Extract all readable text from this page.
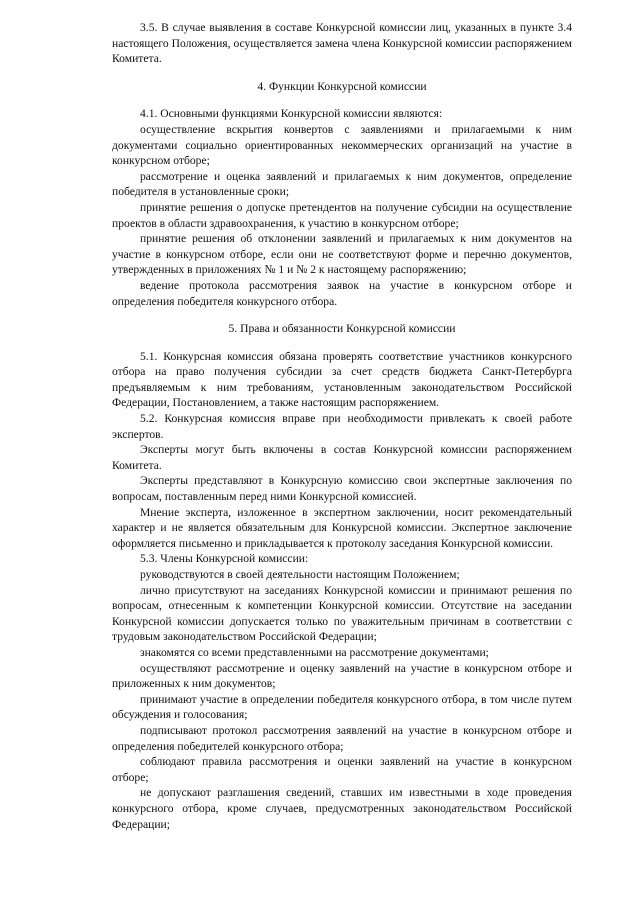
3.5. В случае выявления в составе Конкурсной комиссии лиц, указанных в пункте 3.4 настоящего Положения, осуществляется замена члена Конкурсной комиссии распоряжением Комитета.

4. Функции Конкурсной комиссии

4.1. Основными функциями Конкурсной комиссии являются:

осуществление вскрытия конвертов с заявлениями и прилагаемыми к ним документами социально ориентированных некоммерческих организаций на участие в конкурсном отборе;

рассмотрение и оценка заявлений и прилагаемых к ним документов, определение победителя в установленные сроки;

принятие решения о допуске претендентов на получение субсидии на осуществление проектов в области здравоохранения, к участию в конкурсном отборе;

принятие решения об отклонении заявлений и прилагаемых к ним документов на участие в конкурсном отборе, если они не соответствуют форме и перечню документов, утвержденных в приложениях № 1 и № 2 к настоящему распоряжению;

ведение протокола рассмотрения заявок на участие в конкурсном отборе и определения победителя конкурсного отбора.

5. Права и обязанности Конкурсной комиссии

5.1. Конкурсная комиссия обязана проверять соответствие участников конкурсного отбора на право получения субсидии за счет средств бюджета Санкт-Петербурга предъявляемым к ним требованиям, установленным законодательством Российской Федерации, Постановлением, а также настоящим распоряжением.

5.2. Конкурсная комиссия вправе при необходимости привлекать к своей работе экспертов.

Эксперты могут быть включены в состав Конкурсной комиссии распоряжением Комитета.

Эксперты представляют в Конкурсную комиссию свои экспертные заключения по вопросам, поставленным перед ними Конкурсной комиссией.

Мнение эксперта, изложенное в экспертном заключении, носит рекомендательный характер и не является обязательным для Конкурсной комиссии. Экспертное заключение оформляется письменно и прикладывается к протоколу заседания Конкурсной комиссии.

5.3. Члены Конкурсной комиссии:

руководствуются в своей деятельности настоящим Положением;

лично присутствуют на заседаниях Конкурсной комиссии и принимают решения по вопросам, отнесенным к компетенции Конкурсной комиссии. Отсутствие на заседании Конкурсной комиссии допускается только по уважительным причинам в соответствии с трудовым законодательством Российской Федерации;

знакомятся со всеми представленными на рассмотрение документами;

осуществляют рассмотрение и оценку заявлений на участие в конкурсном отборе и приложенных к ним документов;

принимают участие в определении победителя конкурсного отбора, в том числе путем обсуждения и голосования;

подписывают протокол рассмотрения заявлений на участие в конкурсном отборе и определения победителей конкурсного отбора;

соблюдают правила рассмотрения и оценки заявлений на участие в конкурсном отборе;

не допускают разглашения сведений, ставших им известными в ходе проведения конкурсного отбора, кроме случаев, предусмотренных законодательством Российской Федерации;
